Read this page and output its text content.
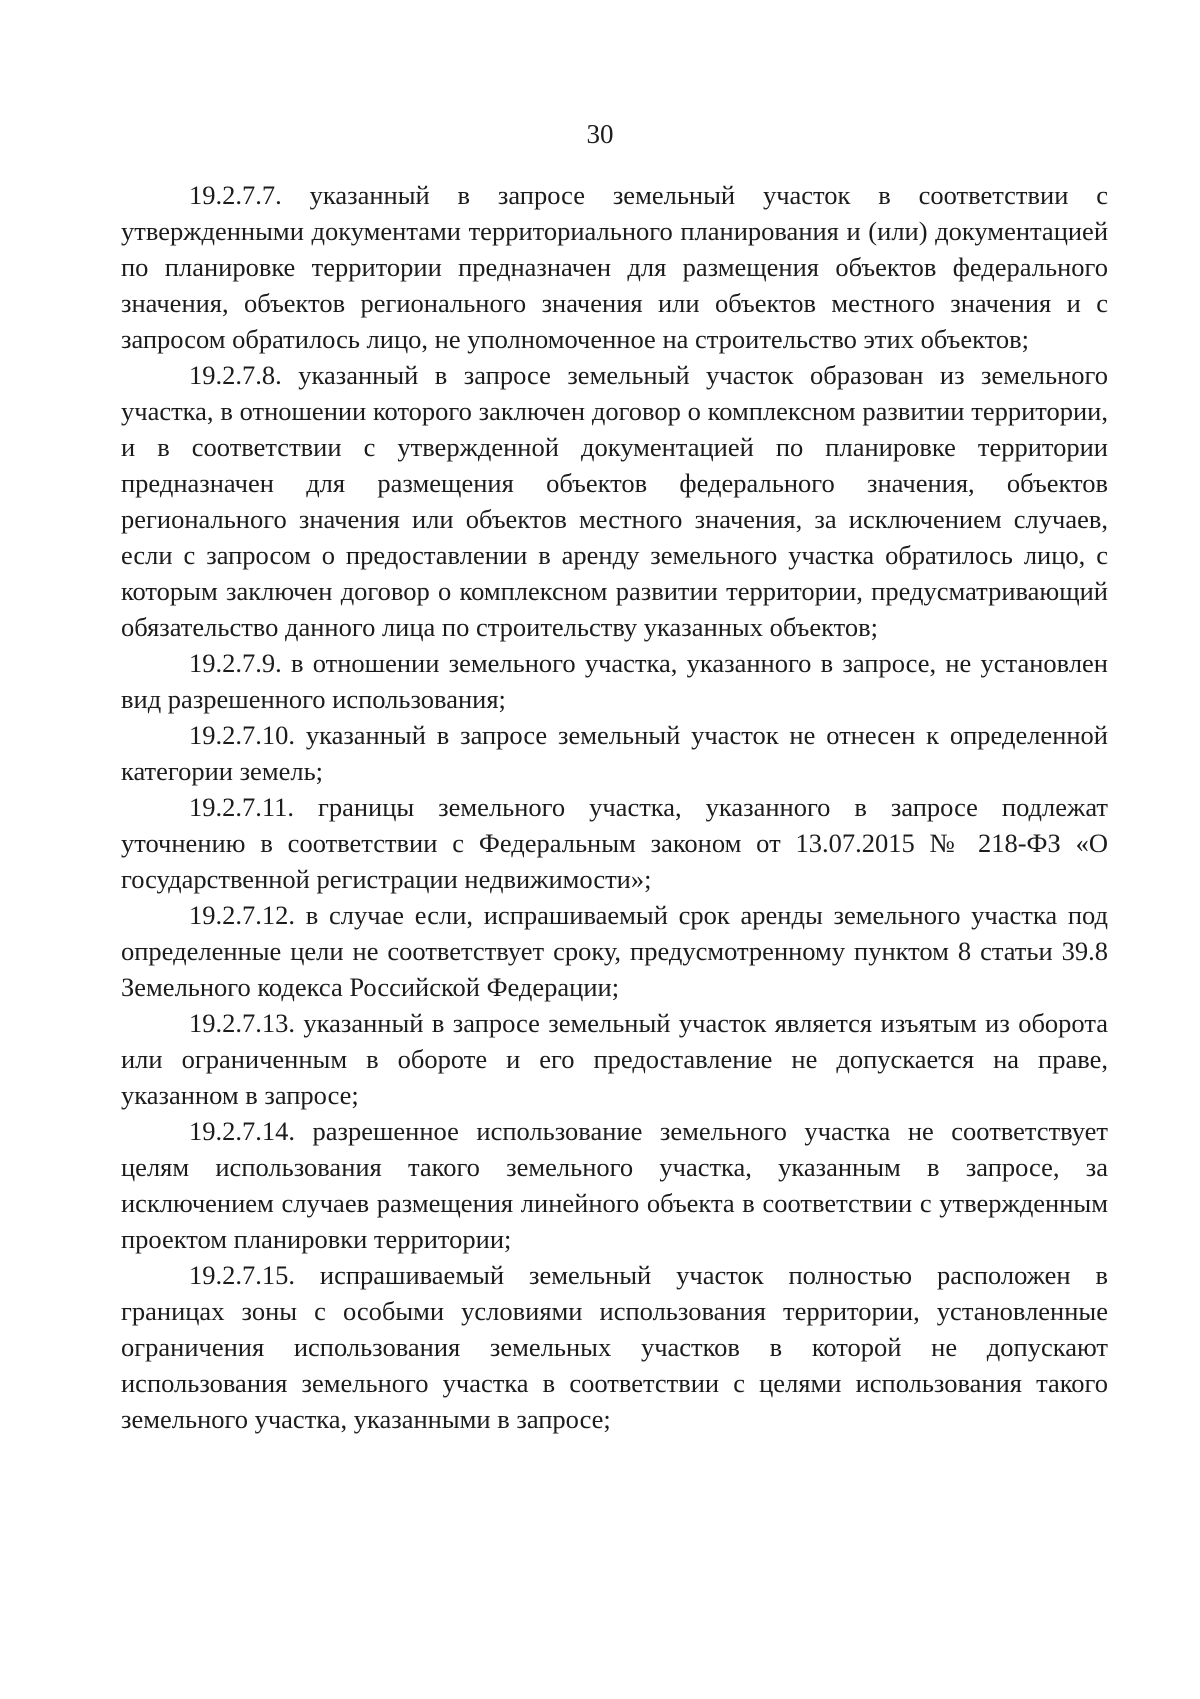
30

19.2.7.7. указанный в запросе земельный участок в соответствии с утвержденными документами территориального планирования и (или) документацией по планировке территории предназначен для размещения объектов федерального значения, объектов регионального значения или объектов местного значения и с запросом обратилось лицо, не уполномоченное на строительство этих объектов;

19.2.7.8. указанный в запросе земельный участок образован из земельного участка, в отношении которого заключен договор о комплексном развитии территории, и в соответствии с утвержденной документацией по планировке территории предназначен для размещения объектов федерального значения, объектов регионального значения или объектов местного значения, за исключением случаев, если с запросом о предоставлении в аренду земельного участка обратилось лицо, с которым заключен договор о комплексном развитии территории, предусматривающий обязательство данного лица по строительству указанных объектов;

19.2.7.9. в отношении земельного участка, указанного в запросе, не установлен вид разрешенного использования;

19.2.7.10. указанный в запросе земельный участок не отнесен к определенной категории земель;

19.2.7.11. границы земельного участка, указанного в запросе подлежат уточнению в соответствии с Федеральным законом от 13.07.2015 № 218-ФЗ «О государственной регистрации недвижимости»;

19.2.7.12. в случае если, испрашиваемый срок аренды земельного участка под определенные цели не соответствует сроку, предусмотренному пунктом 8 статьи 39.8 Земельного кодекса Российской Федерации;

19.2.7.13. указанный в запросе земельный участок является изъятым из оборота или ограниченным в обороте и его предоставление не допускается на праве, указанном в запросе;

19.2.7.14. разрешенное использование земельного участка не соответствует целям использования такого земельного участка, указанным в запросе, за исключением случаев размещения линейного объекта в соответствии с утвержденным проектом планировки территории;

19.2.7.15. испрашиваемый земельный участок полностью расположен в границах зоны с особыми условиями использования территории, установленные ограничения использования земельных участков в которой не допускают использования земельного участка в соответствии с целями использования такого земельного участка, указанными в запросе;
